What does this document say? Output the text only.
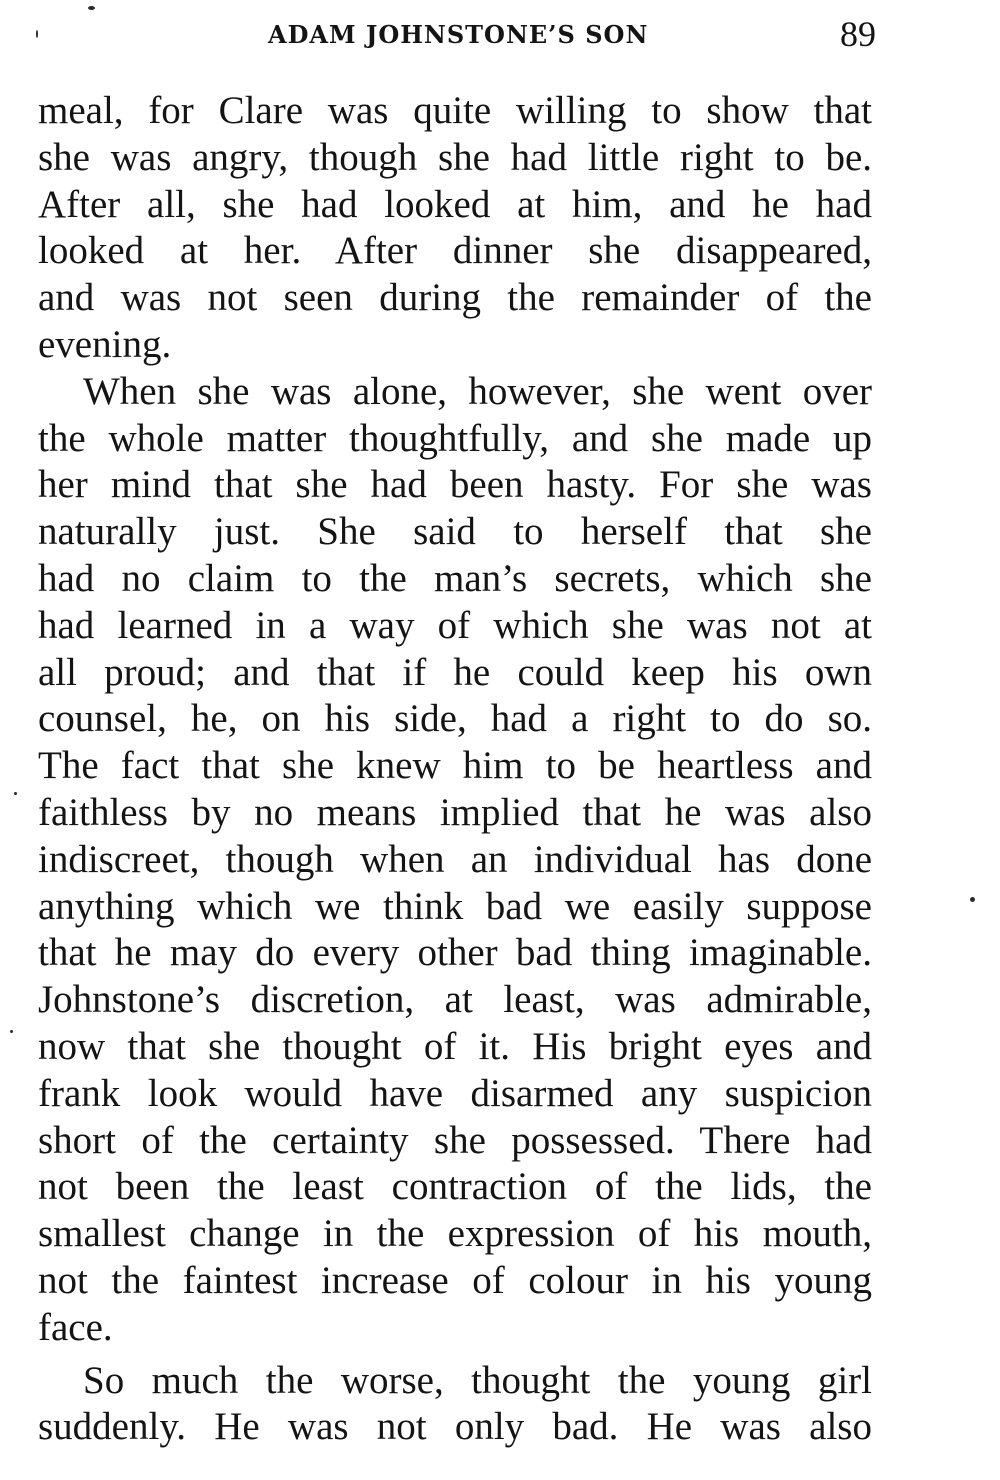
ADAM JOHNSTONE’S SON	89
meal, for Clare was quite willing to show that
she was angry, though she had little right to be.
After all, she had looked at him, and he had
looked at her. After dinner she disappeared,
and was not seen during the remainder of the
evening.
When she was alone, however, she went over
the whole matter thoughtfully, and she made up
her mind that she had been hasty. For she was
naturally just. She said to herself that she
had no claim to the man’s secrets, which she
had learned in a way of which she was not at
all proud; and that if he could keep his own
counsel, he, on his side, had a right to do so.
The fact that she knew him to be heartless and
faithless by no means implied that he was also
indiscreet, though when an individual has done
anything which we think bad we easily suppose
that he may do every other bad thing imaginable.
Johnstone’s discretion, at least, was admirable,
now that she thought of it. His bright eyes and
frank look would have disarmed any suspicion
short of the certainty she possessed. There had
not been the least contraction of the lids, the
smallest change in the expression of his mouth,
not the faintest increase of colour in his young
face.
So much the worse, thought the young girl
suddenly. He was not only bad. He was also
